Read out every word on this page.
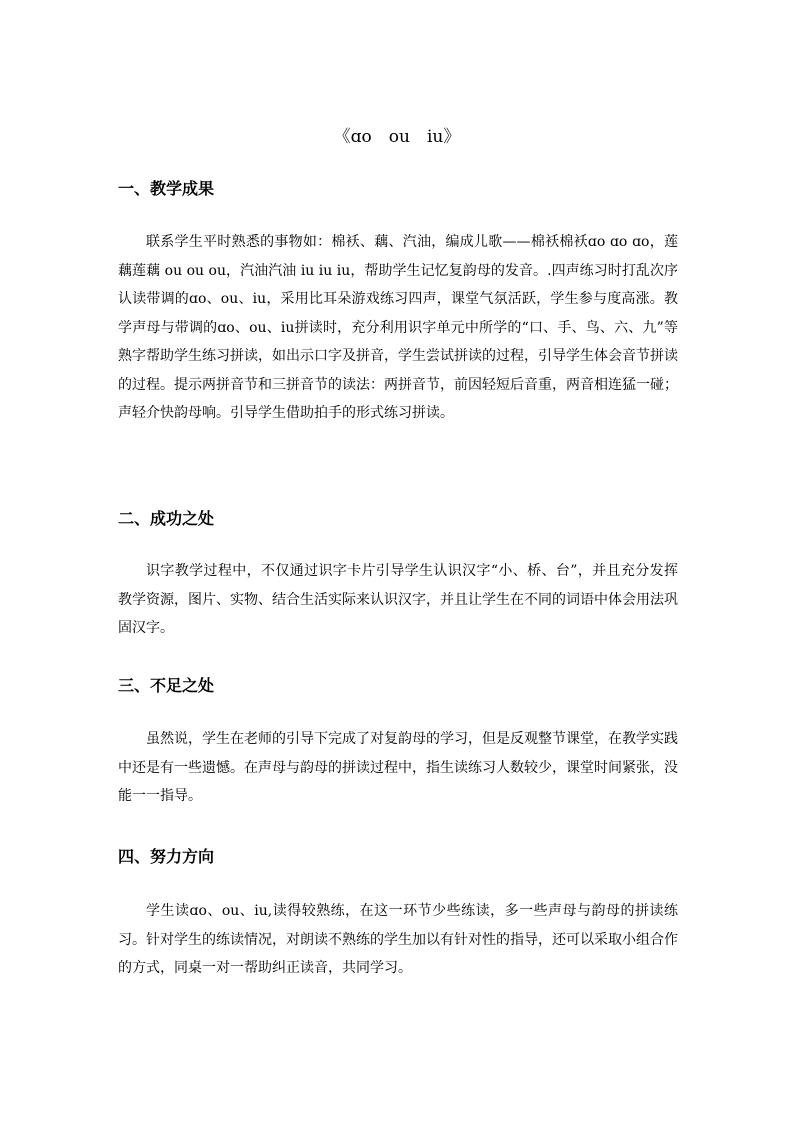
《ɑo　ou　iu》
一、教学成果

联系学生平时熟悉的事物如：棉袄、藕、汽油，编成儿歌——棉袄棉袄ɑo ɑo ɑo，莲藕莲藕 ou ou ou，汽油汽油 iu iu iu，帮助学生记忆复韵母的发音。.四声练习时打乱次序认读带调的ɑo、ou、iu，采用比耳朵游戏练习四声，课堂气氛活跃，学生参与度高涨。教学声母与带调的ɑo、ou、iu拼读时，充分利用识字单元中所学的“口、手、鸟、六、九”等熟字帮助学生练习拼读，如出示口字及拼音，学生尝试拼读的过程，引导学生体会音节拼读的过程。提示两拼音节和三拼音节的读法：两拼音节，前因轻短后音重，两音相连猛一碰；声轻介快韵母响。引导学生借助拍手的形式练习拼读。

二、成功之处

识字教学过程中，不仅通过识字卡片引导学生认识汉字“小、桥、台”，并且充分发挥教学资源，图片、实物、结合生活实际来认识汉字，并且让学生在不同的词语中体会用法巩固汉字。

三、不足之处

虽然说，学生在老师的引导下完成了对复韵母的学习，但是反观整节课堂，在教学实践中还是有一些遗憾。在声母与韵母的拼读过程中，指生读练习人数较少，课堂时间紧张，没能一一指导。

四、努力方向

学生读ɑo、ou、iu,读得较熟练，在这一环节少些练读，多一些声母与韵母的拼读练习。针对学生的练读情况，对朗读不熟练的学生加以有针对性的指导，还可以采取小组合作的方式，同桌一对一帮助纠正读音，共同学习。
